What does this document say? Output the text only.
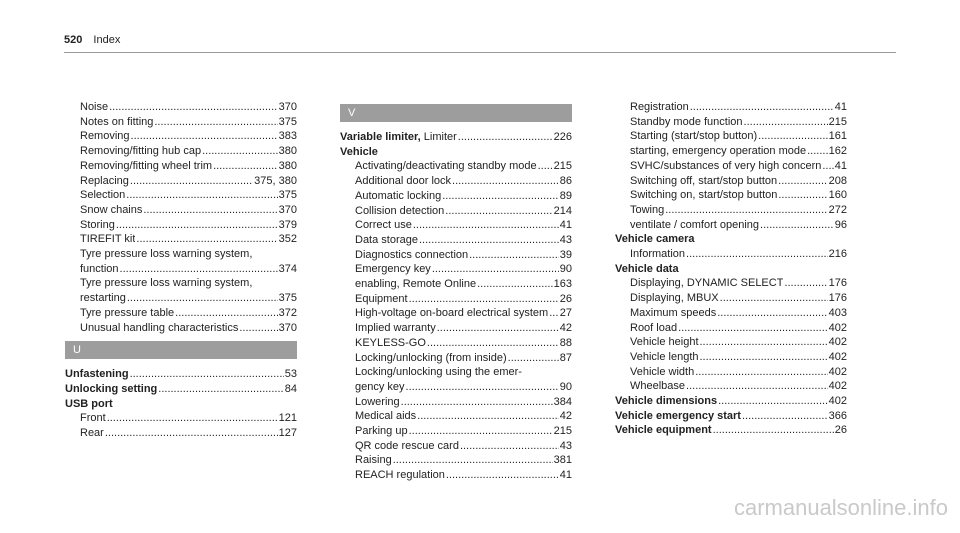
520 Index
Noise .....	370
Notes on fitting .....	375
Removing .....	383
Removing/fitting hub cap .....	380
Removing/fitting wheel trim .....	380
Replacing .....	375, 380
Selection .....	375
Snow chains .....	370
Storing .....	379
TIREFIT kit .....	352
Tyre pressure loss warning system,
function .....	374
Tyre pressure loss warning system,
restarting .....	375
Tyre pressure table .....	372
Unusual handling characteristics .....	370
U
Unfastening .....	53
Unlocking setting .....	84
USB port
Front .....	121
Rear .....	127
V
Variable limiter, Limiter .....	226
Vehicle
Activating/deactivating standby mode ..... 215
Additional door lock .....	86
Automatic locking .....	89
Collision detection .....	214
Correct use .....	41
Data storage .....	43
Diagnostics connection .....	39
Emergency key .....	90
enabling, Remote Online .....	163
Equipment .....	26
High-voltage on-board electrical system ..... 27
Implied warranty .....	42
KEYLESS-GO .....	88
Locking/unlocking (from inside) .....	87
Locking/unlocking using the emer-
gency key .....	90
Lowering .....	384
Medical aids .....	42
Parking up .....	215
QR code rescue card .....	43
Raising .....	381
REACH regulation .....	41
Registration .....	41
Standby mode function .....	215
Starting (start/stop button) .....	161
starting, emergency operation mode ..... 162
SVHC/substances of very high concern ..... 41
Switching off, start/stop button .....	208
Switching on, start/stop button .....	160
Towing .....	272
ventilate / comfort opening .....	96
Vehicle camera
Information .....	216
Vehicle data
Displaying, DYNAMIC SELECT .....	176
Displaying, MBUX .....	176
Maximum speeds .....	403
Roof load .....	402
Vehicle height .....	402
Vehicle length .....	402
Vehicle width .....	402
Wheelbase .....	402
Vehicle dimensions .....	402
Vehicle emergency start .....	366
Vehicle equipment .....	26
carmanualsonline.info
